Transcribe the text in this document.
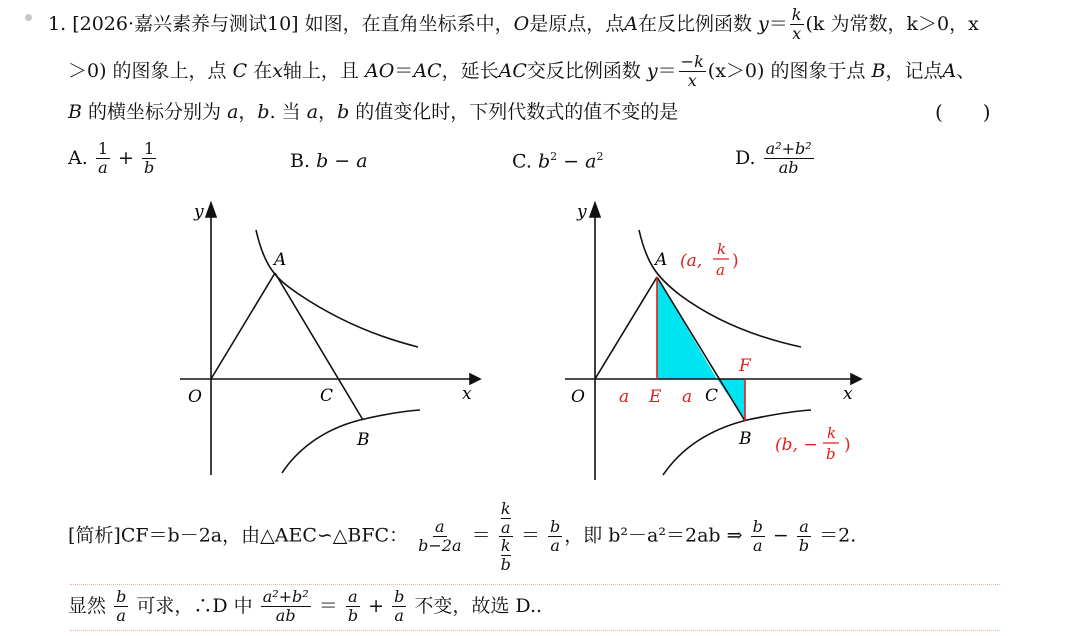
1. [2026·嘉兴素养与测试10] 如图，在直角坐标系中，O是原点，点A在反比例函数 $y= \frac{k}{x} (k$ 为常数，k＞0，x
＞0) 的图象上，点 C 在x轴上，且 AO＝AC，延长AC交反比例函数 $y= \frac{-k}{x} (x>0)$ 的图象于点 B，记点A、
B 的横坐标分别为 a，b. 当 a，b 的值变化时，下列代数式的值不变的是	(　　)
A. $\frac{1}{a} + \frac{1}{b}$	B. b − a	C. $b^2 - a^2$	D. $\frac{\text{a²+b²}}{ab}$
y
x
O
A
C
B
y
x
O
A
C
B
E
F
a	a
(a,
k
a )
(b, −
k
b )
[简析]CF＝b－2a，由△AEC∽△BFC： $\frac{a}{b-2a} = k$
a
k
$b = \frac{b}{a}$ ，即 b²－a²＝2ab ⇒ $\frac{b}{a} - \frac{a}{b} =2$.
显然 $\frac{b}{a}$ 可求，∴D 中 $\frac{\text{a²+b²}}{ab} = \frac{a}{b} + \frac{b}{a}$ 不变，故选 D..
